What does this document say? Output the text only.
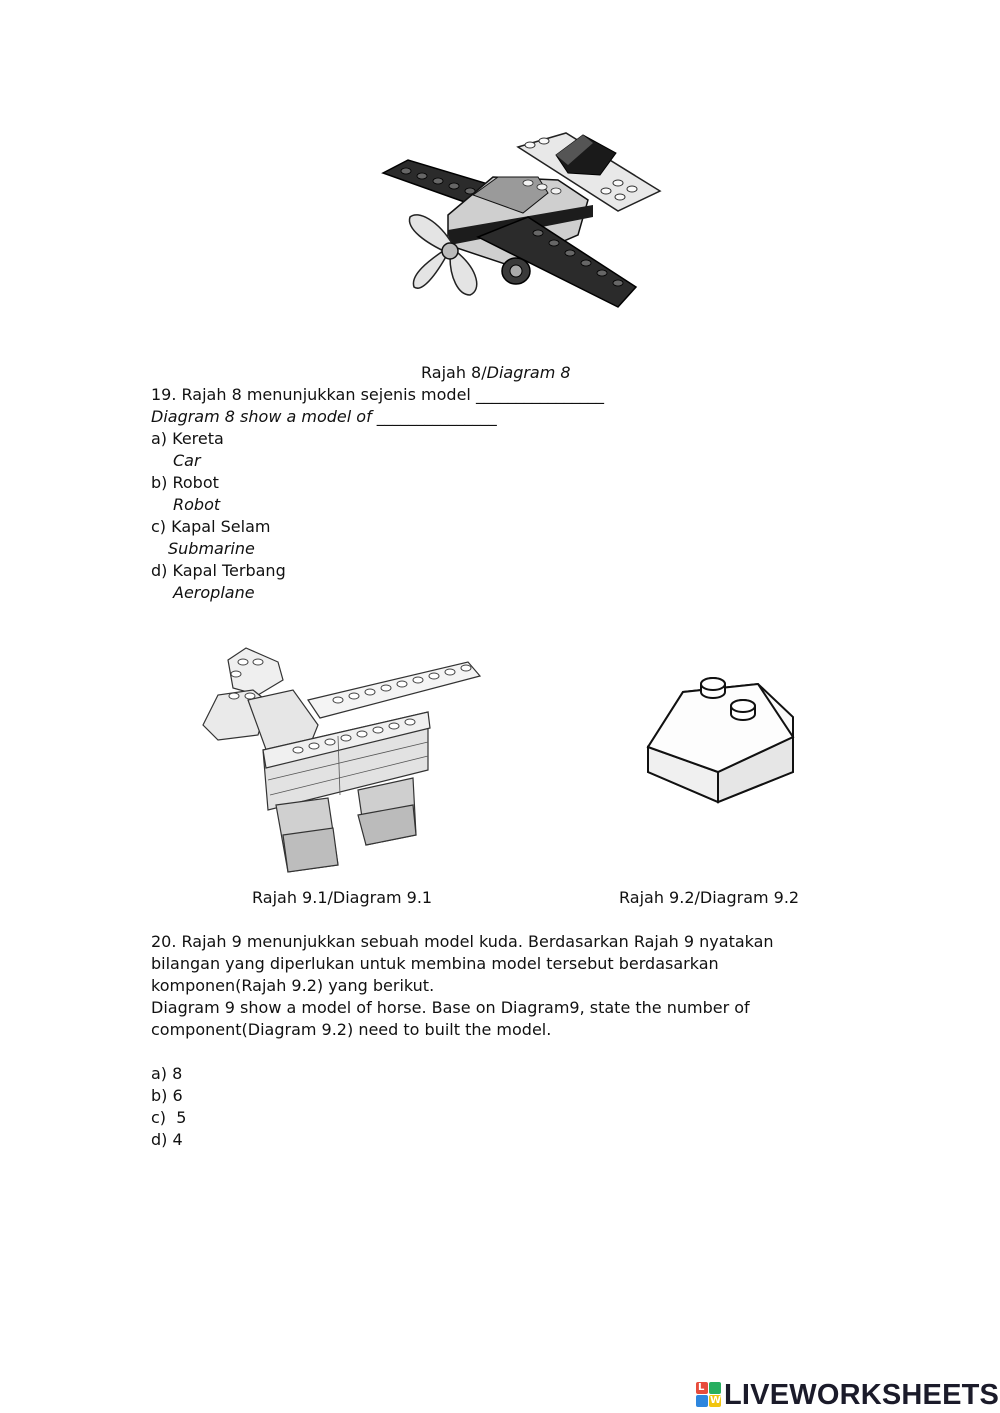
Rajah 8/Diagram 8
19. Rajah 8 menunjukkan sejenis model ________________
Diagram 8 show a model of _______________
a) Kereta
Car
b) Robot
Robot
c) Kapal Selam
Submarine
d) Kapal Terbang
Aeroplane
Rajah 9.1/Diagram 9.1	Rajah 9.2/Diagram 9.2
20. Rajah 9 menunjukkan sebuah model kuda. Berdasarkan Rajah 9 nyatakan bilangan yang diperlukan untuk membina model tersebut berdasarkan komponen(Rajah 9.2) yang berikut.
Diagram 9 show a model of horse. Base on Diagram9, state the number of component(Diagram 9.2) need to built the model.
a) 8
b) 6
c)  5
d) 4
L
W LIVEWORKSHEETS
